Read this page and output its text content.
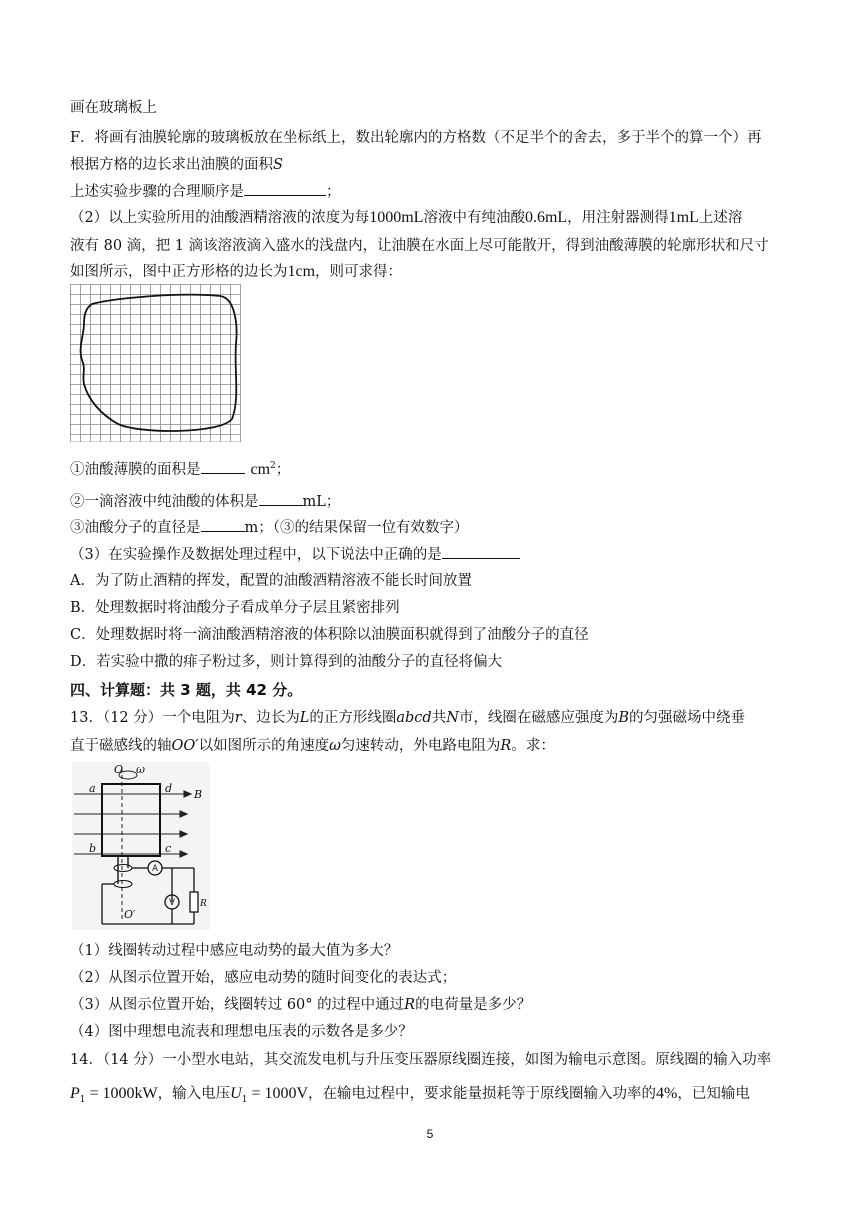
画在玻璃板上
F．将画有油膜轮廓的玻璃板放在坐标纸上，数出轮廓内的方格数（不足半个的舍去，多于半个的算一个）再
根据方格的边长求出油膜的面积S
上述实验步骤的合理顺序是	；
（2）以上实验所用的油酸酒精溶液的浓度为每1000mL溶液中有纯油酸0.6mL，用注射器测得1mL上述溶
液有 80 滴，把 1 滴该溶液滴入盛水的浅盘内，让油膜在水面上尽可能散开，得到油酸薄膜的轮廓形状和尺寸
如图所示，图中正方形格的边长为1cm，则可求得：
①油酸薄膜的面积是	$cm^2$；
②一滴溶液中纯油酸的体积是	mL；
③油酸分子的直径是	m；（③的结果保留一位有效数字）
（3）在实验操作及数据处理过程中，以下说法中正确的是
A．为了防止酒精的挥发，配置的油酸酒精溶液不能长时间放置
B．处理数据时将油酸分子看成单分子层且紧密排列
C．处理数据时将一滴油酸酒精溶液的体积除以油膜面积就得到了油酸分子的直径
D．若实验中撒的痱子粉过多，则计算得到的油酸分子的直径将偏大
四、计算题：共 3 题，共 42 分。
13．（12 分）一个电阻为r、边长为L的正方形线圈abcd共N市，线圈在磁感应强度为B的匀强磁场中绕垂
直于磁感线的轴OO′以如图所示的角速度ω匀速转动，外电路电阻为R。求：
O ω
a	d B
b	c
O′
A
V	R
（1）线圈转动过程中感应电动势的最大值为多大？
（2）从图示位置开始，感应电动势的随时间变化的表达式；
（3）从图示位置开始，线圈转过 60° 的过程中通过R的电荷量是多少？
（4）图中理想电流表和理想电压表的示数各是多少？
14．（14 分）一小型水电站，其交流发电机与升压变压器原线圈连接，如图为输电示意图。原线圈的输入功率
$P_1 = 1000kW$，输入电压$U_1 = 1000V$，在输电过程中，要求能量损耗等于原线圈输入功率的4%，已知输电
5
